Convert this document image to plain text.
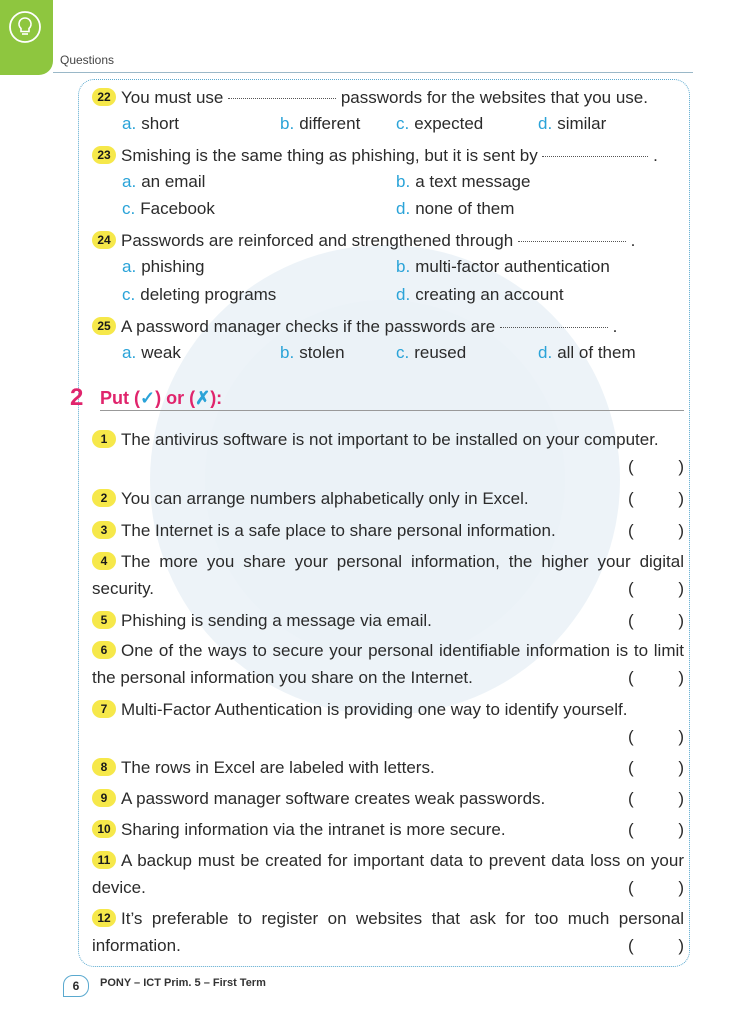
Questions
22 You must use	passwords for the websites that you use.
a. short	b. different c. expected	d. similar
23 Smishing is the same thing as phishing, but it is sent by	.
a. an email	b. a text message
c. Facebook	d. none of them
24 Passwords are reinforced and strengthened through	.
a. phishing	b. multi-factor authentication
c. deleting programs	d. creating an account
25 A password manager checks if the passwords are	.
a. weak	b. stolen	c. reused	d. all of them
2 Put (✓) or (✗):
1 The antivirus software is not important to be installed on your computer.
(	)
2 You can arrange numbers alphabetically only in Excel.	(	)
3 The Internet is a safe place to share personal information.	(	)
4 The more you share your personal information, the higher your digital security.	(	)
5 Phishing is sending a message via email.	(	)
6 One of the ways to secure your personal identifiable information is to limit the personal information you share on the Internet.	(	)
7 Multi-Factor Authentication is providing one way to identify yourself.
(	)
8 The rows in Excel are labeled with letters.	(	)
9 A password manager software creates weak passwords.	(	)
10 Sharing information via the intranet is more secure.	(	)
11 A backup must be created for important data to prevent data loss on your device.	(	)
12 It’s preferable to register on websites that ask for too much personal information.	(	)
6	PONY – ICT Prim. 5 – First Term
